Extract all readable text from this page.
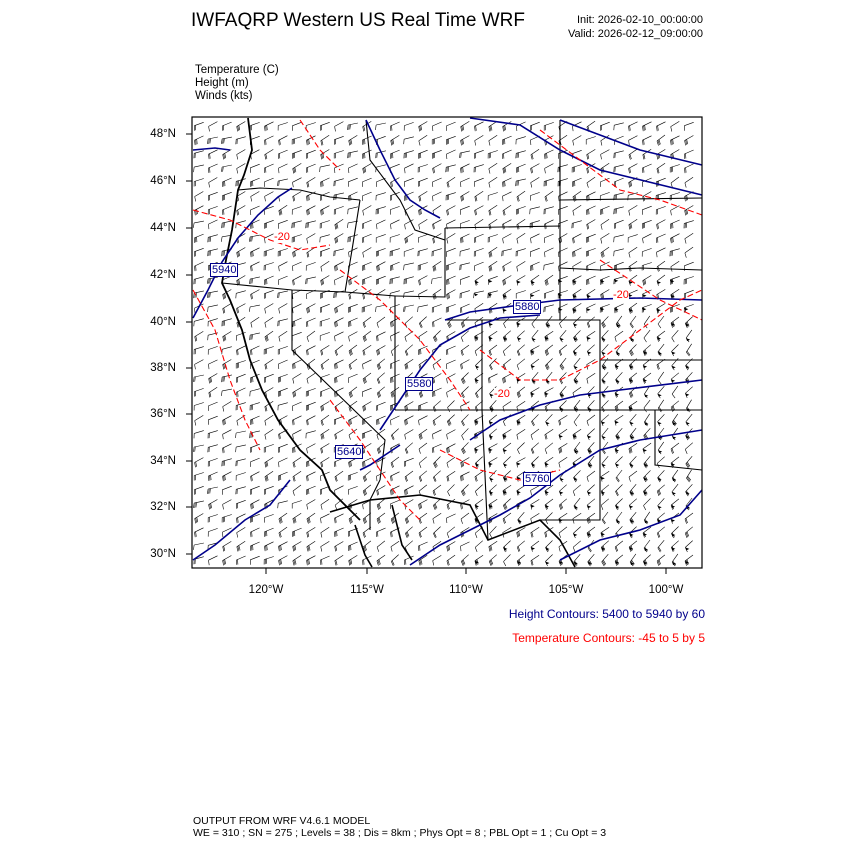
IWFAQRP Western US Real Time WRF	Init: 2026-02-10_00:00:00
Valid: 2026-02-12_09:00:00
Temperature (C)
Height (m)
Winds (kts)
5940
5880
5580
5640
5760
-20
-20
-20
48°N
46°N
44°N
42°N
40°N
38°N
36°N
34°N
32°N
30°N
120°W	115°W	110°W	105°W	100°W
Height Contours: 5400 to 5940 by 60
Temperature Contours: -45 to 5 by 5
OUTPUT FROM WRF V4.6.1 MODEL
WE = 310 ; SN = 275 ; Levels = 38 ; Dis = 8km ; Phys Opt = 8 ; PBL Opt = 1 ; Cu Opt = 3
